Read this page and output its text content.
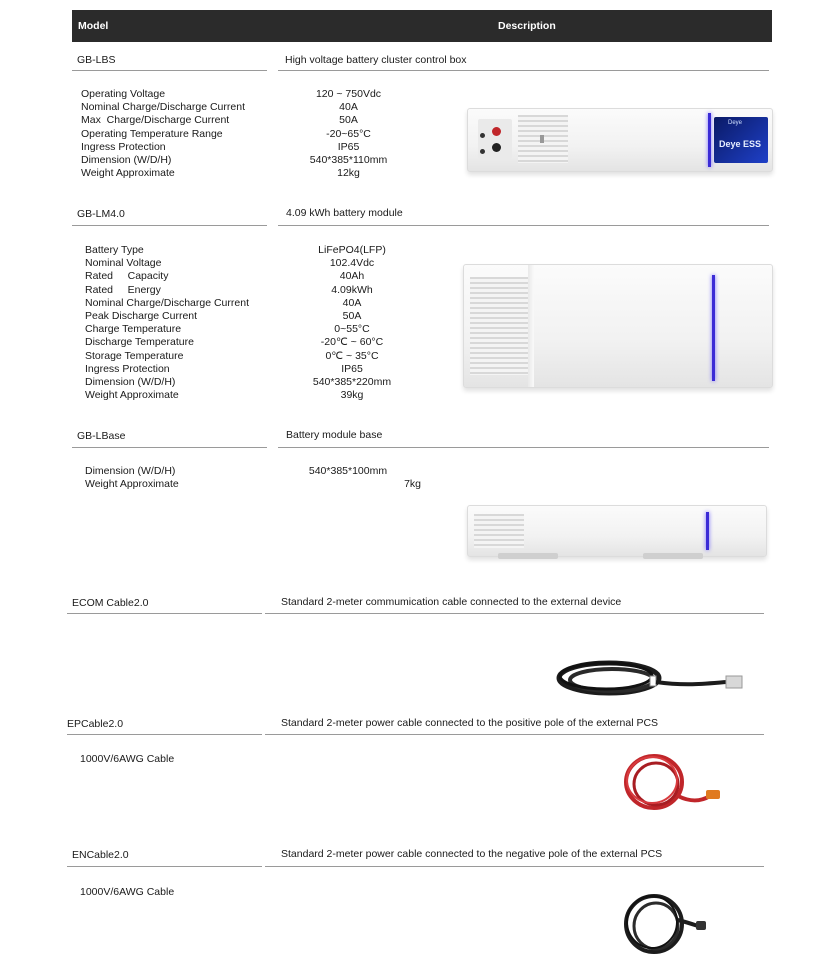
Model	Description
GB-LBS	High voltage battery cluster control box
Operating Voltage	120 ~ 750Vdc
Nominal Charge/Discharge Current	40A
Max  Charge/Discharge Current	50A
Operating Temperature Range	-20~65°C
Ingress Protection	IP65
Dimension (W/D/H)	540*385*110mm
Weight Approximate	12kg
Deye
Deye ESS
GB-LM4.0	4.09 kWh battery module
Battery Type	LiFePO4(LFP)
Nominal Voltage	102.4Vdc
Rated     Capacity	40Ah
Rated     Energy	4.09kWh
Nominal Charge/Discharge Current	40A
Peak Discharge Current	50A
Charge Temperature	0~55°C
Discharge Temperature	-20℃ ~ 60°C
Storage Temperature	0℃ ~ 35°C
Ingress Protection	IP65
Dimension (W/D/H)	540*385*220mm
Weight Approximate	39kg
GB-LBase	Battery module base
Dimension (W/D/H)	540*385*100mm
Weight Approximate	7kg
ECOM Cable2.0	Standard 2-meter commumication cable connected to the external device
EPCable2.0	Standard 2-meter power cable connected to the positive pole of the external PCS
1000V/6AWG Cable
ENCable2.0	Standard 2-meter power cable connected to the negative pole of the external PCS
1000V/6AWG Cable
